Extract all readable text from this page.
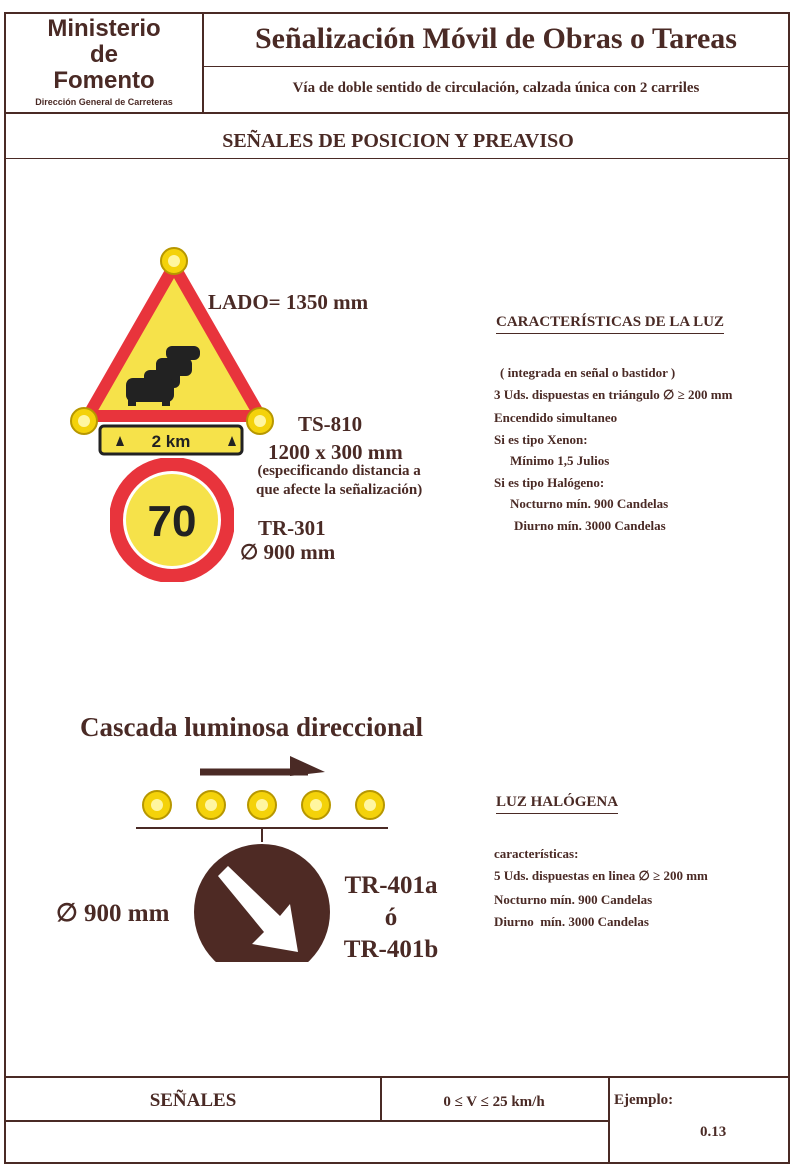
Ministerio
de
Fomento
Dirección General de Carreteras
Señalización Móvil de Obras o Tareas
Vía de doble sentido de circulación, calzada única con 2 carriles
SEÑALES DE POSICION Y PREAVISO
2 km
70
LADO= 1350 mm
TS-810
1200 x 300 mm
(especificando distancia a
que afecte la señalización)
TR-301
∅ 900 mm
CARACTERÍSTICAS DE LA LUZ
( integrada en señal o bastidor )
3 Uds. dispuestas en triángulo ∅ ≥ 200 mm
Encendido simultaneo
Si es tipo Xenon:
Mínimo 1,5 Julios
Si es tipo Halógeno:
Nocturno mín. 900 Candelas
Diurno mín. 3000 Candelas
Cascada luminosa direccional
∅ 900 mm
TR-401a
ó
TR-401b
LUZ HALÓGENA
características:
5 Uds. dispuestas en linea ∅ ≥ 200 mm
Nocturno mín. 900 Candelas
Diurno  mín. 3000 Candelas
SEÑALES	0 ≤ V ≤ 25 km/h	Ejemplo:
0.13
